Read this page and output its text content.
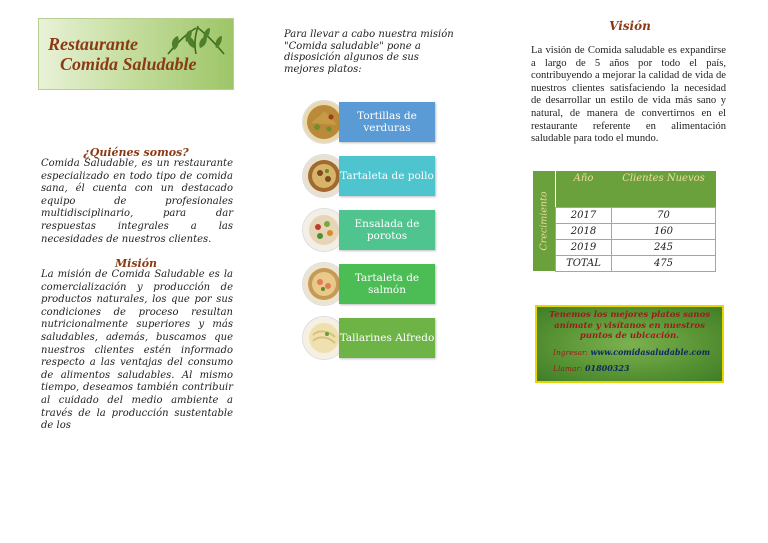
Restaurante
Comida Saludable
¿Quiénes somos?

Comida Saludable, es un restaurante especializado en todo tipo de comida sana, él cuenta con un destacado equipo de profesionales multidisciplinario, para dar respuestas integrales a las necesidades de nuestros clientes.

Misión

La misión de Comida Saludable es la comercialización y producción de productos naturales, los que por sus condiciones de proceso resultan nutricionalmente superiores y más saludables, además, buscamos que nuestros clientes estén informado respecto a las ventajas del consumo de alimentos saludables. Al mismo tiempo, deseamos también contribuir al cuidado del medio ambiente a través de la producción sustentable de los

Para llevar a cabo nuestra misión "Comida saludable" pone a disposición algunos de sus mejores platos:
Tortillas de verduras
Tartaleta de pollo
Ensalada de porotos
Tartaleta de salmón
Tallarines Alfredo
Visión

La visión de Comida saludable es expandirse a largo de 5 años por todo el país, contribuyendo a mejorar la calidad de vida de nuestros clientes satisfaciendo la necesidad de desarrollar un estilo de vida más sano y natural, de manera de convertirnos en el restaurante referente en alimentación saludable para todo el mundo.

Crecimiento
Año	Clientes Nuevos
2017	70
2018	160
2019	245
TOTAL	475
Tenemos los mejores platos sanos anímate y visítanos en nuestros puntos de ubicación.
Ingresar: www.comidasaludable.com
Llamar: 01800323
